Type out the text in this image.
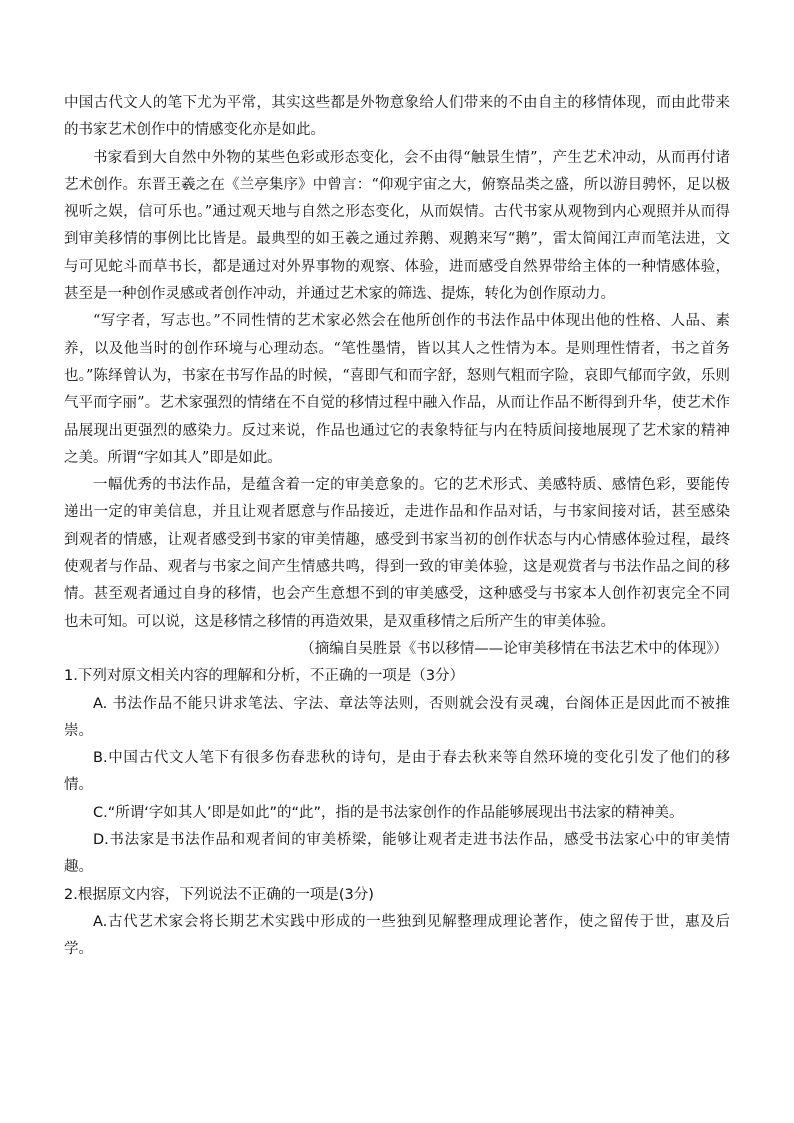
中国古代文人的笔下尤为平常，其实这些都是外物意象给人们带来的不由自主的移情体现，而由此带来的书家艺术创作中的情感变化亦是如此。

书家看到大自然中外物的某些色彩或形态变化，会不由得“触景生情”，产生艺术冲动，从而再付诸艺术创作。东晋王羲之在《兰亭集序》中曾言：“仰观宇宙之大，俯察品类之盛，所以游目骋怀，足以极视听之娱，信可乐也。”通过观天地与自然之形态变化，从而娱情。古代书家从观物到内心观照并从而得到审美移情的事例比比皆是。最典型的如王羲之通过养鹅、观鹅来写“鹅”，雷太简闻江声而笔法进，文与可见蛇斗而草书长，都是通过对外界事物的观察、体验，进而感受自然界带给主体的一种情感体验，甚至是一种创作灵感或者创作冲动，并通过艺术家的筛选、提炼，转化为创作原动力。

“写字者，写志也。”不同性情的艺术家必然会在他所创作的书法作品中体现出他的性格、人品、素养，以及他当时的创作环境与心理动态。“笔性墨情，皆以其人之性情为本。是则理性情者，书之首务也。”陈绎曾认为，书家在书写作品的时候，“喜即气和而字舒，怒则气粗而字险，哀即气郁而字敛，乐则气平而字丽”。艺术家强烈的情绪在不自觉的移情过程中融入作品，从而让作品不断得到升华，使艺术作品展现出更强烈的感染力。反过来说，作品也通过它的表象特征与内在特质间接地展现了艺术家的精神之美。所谓“字如其人”即是如此。

一幅优秀的书法作品，是蕴含着一定的审美意象的。它的艺术形式、美感特质、感情色彩，要能传递出一定的审美信息，并且让观者愿意与作品接近，走进作品和作品对话，与书家间接对话，甚至感染到观者的情感，让观者感受到书家的审美情趣，感受到书家当初的创作状态与内心情感体验过程，最终使观者与作品、观者与书家之间产生情感共鸣，得到一致的审美体验，这是观赏者与书法作品之间的移情。甚至观者通过自身的移情，也会产生意想不到的审美感受，这种感受与书家本人创作初衷完全不同也未可知。可以说，这是移情之移情的再造效果，是双重移情之后所产生的审美体验。

（摘编自吴胜景《书以移情——论审美移情在书法艺术中的体现》）

1.下列对原文相关内容的理解和分析，不正确的一项是（3分）

A. 书法作品不能只讲求笔法、字法、章法等法则，否则就会没有灵魂，台阁体正是因此而不被推崇。

B.中国古代文人笔下有很多伤春悲秋的诗句，是由于春去秋来等自然环境的变化引发了他们的移情。

C.“所谓‘字如其人’即是如此”的“此”，指的是书法家创作的作品能够展现出书法家的精神美。

D.书法家是书法作品和观者间的审美桥梁，能够让观者走进书法作品，感受书法家心中的审美情趣。

2.根据原文内容，下列说法不正确的一项是(3分)

A.古代艺术家会将长期艺术实践中形成的一些独到见解整理成理论著作，使之留传于世，惠及后学。
